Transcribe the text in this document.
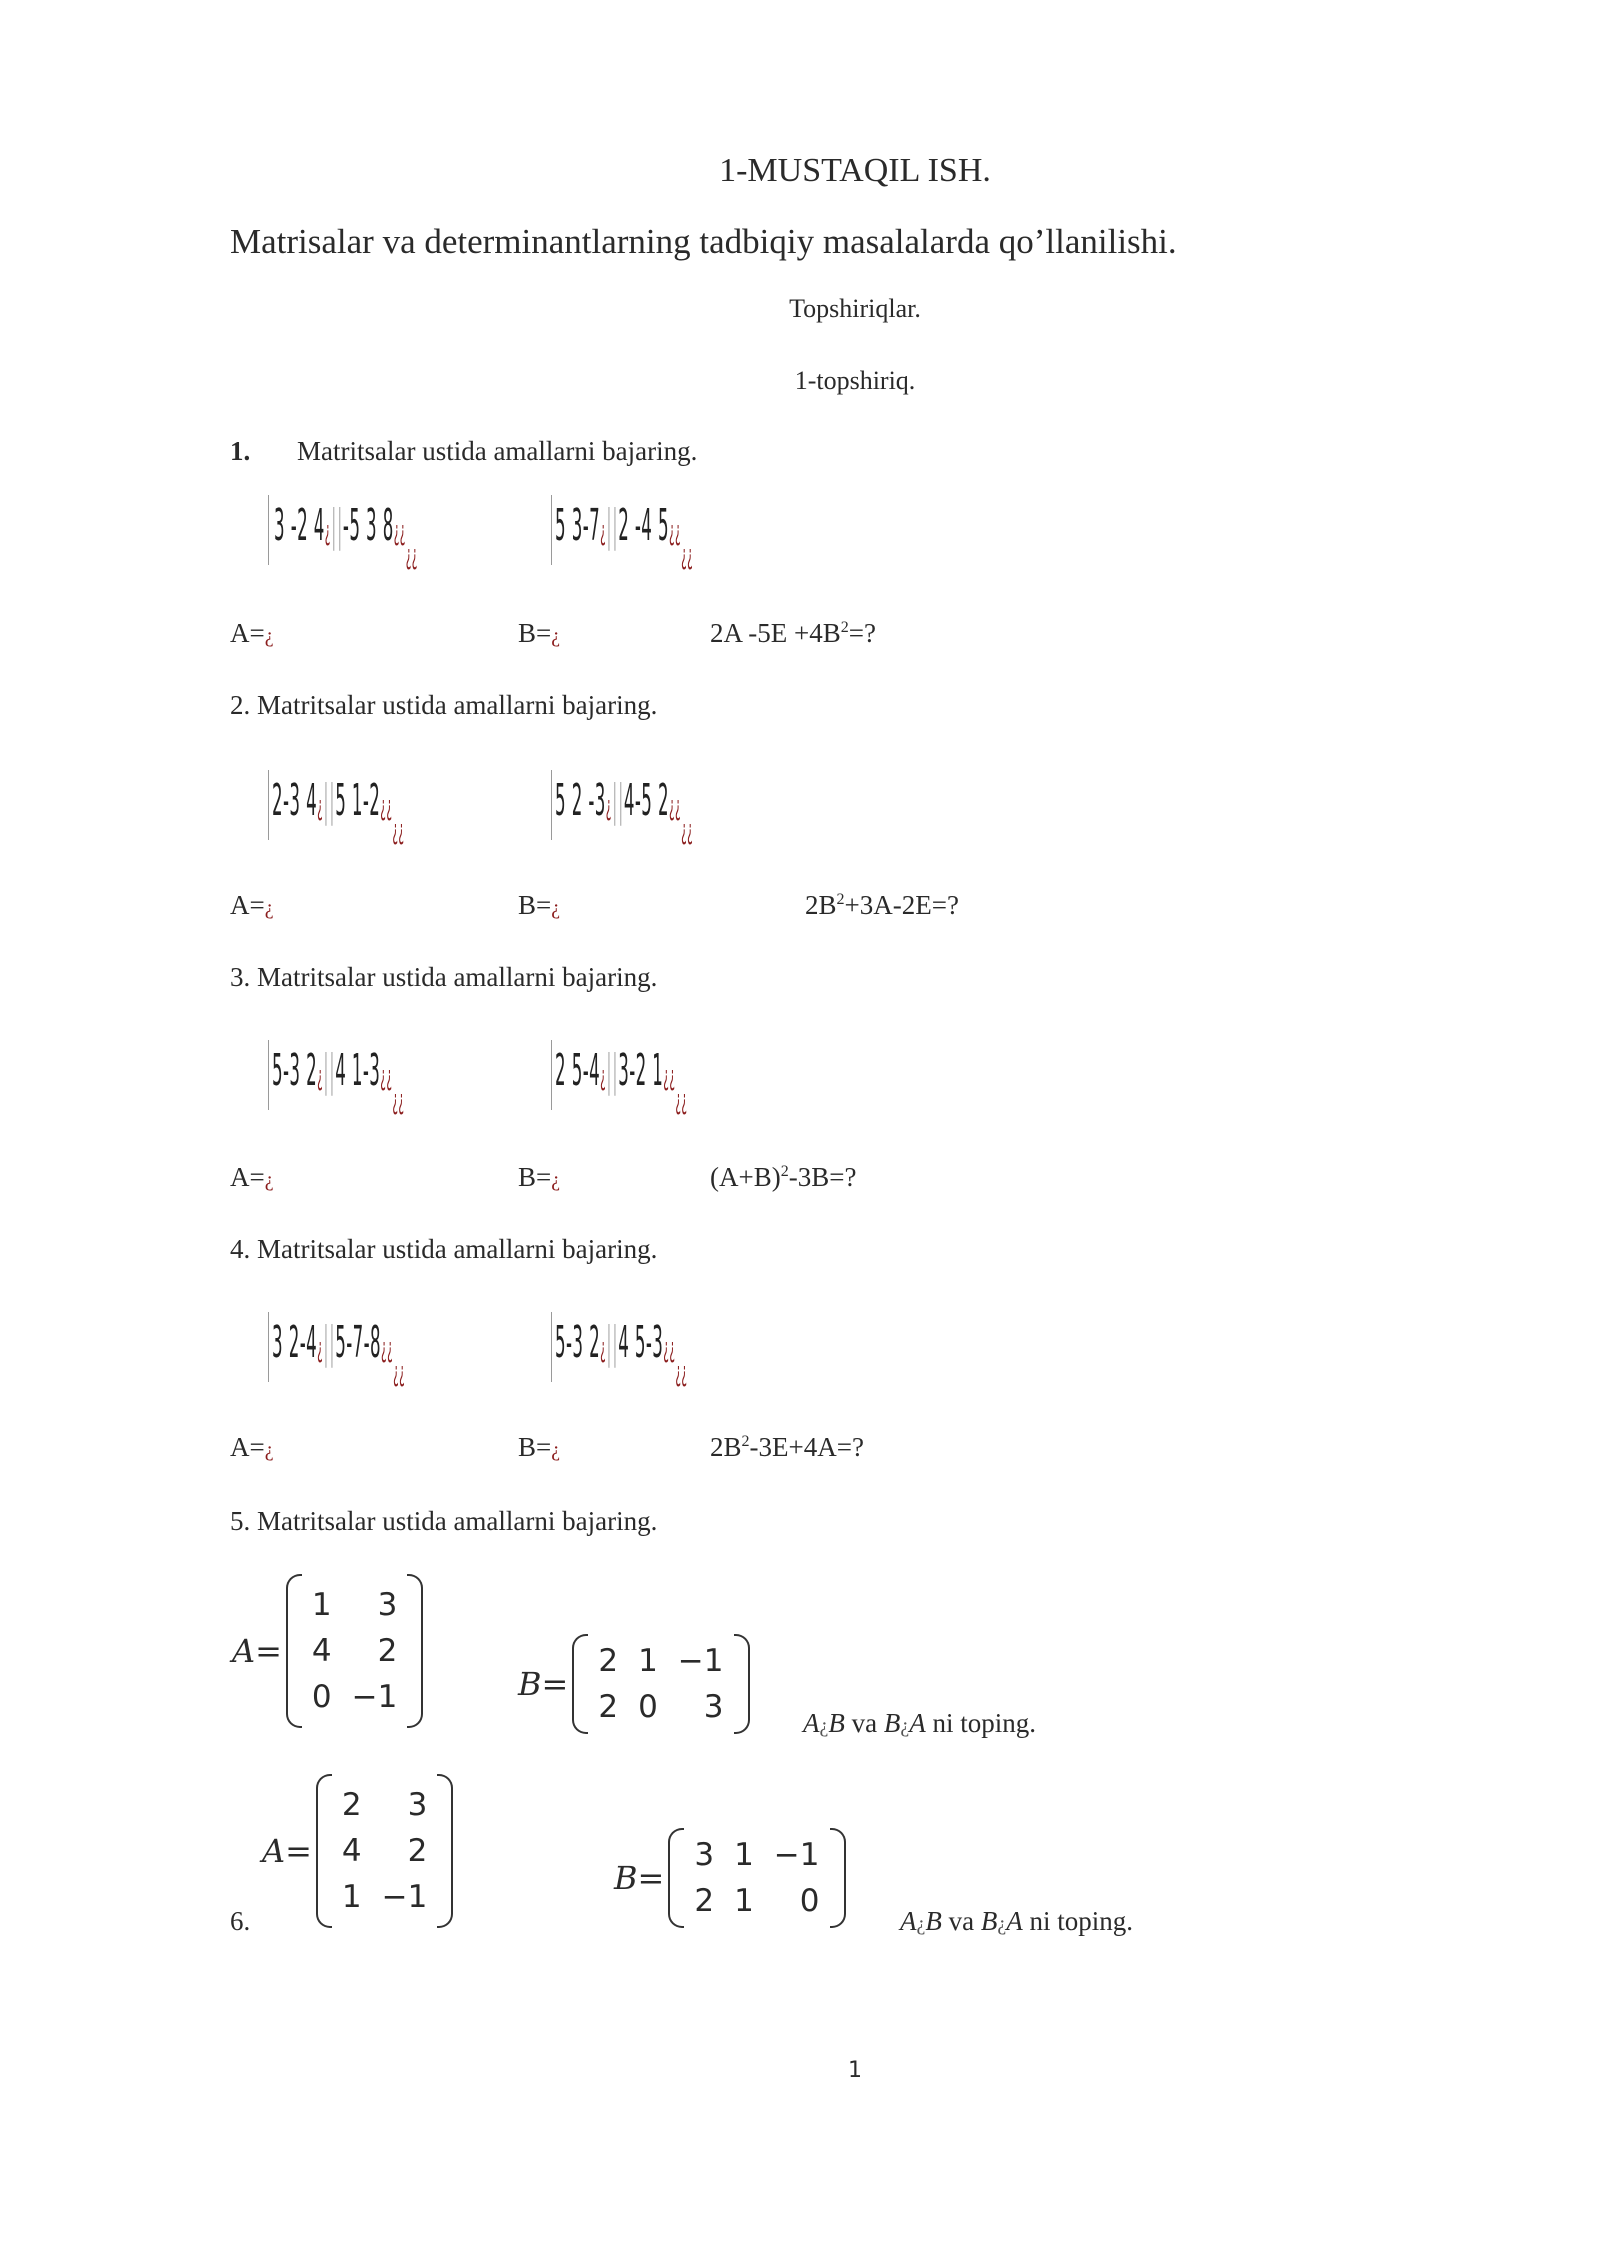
1-MUSTAQIL ISH.
Matrisalar va determinantlarning tadbiqiy masalalarda qo’llanilishi.
Topshiriqlar.
1-topshiriq.
1. Matritsalar ustida amallarni bajaring.
3 -2 4¿||-5 3 $8¿¿_{¿¿}$
5 3-7¿||2 -4 $5¿¿_{¿¿}$
A=¿	B=¿	2A $-5E +4B^2=$?
2. Matritsalar ustida amallarni bajaring.
2-3 4¿||5 $1-2¿¿_{¿¿}$
5 2 -3¿||4-5 $2¿¿_{¿¿}$
A=¿	B=¿	$2B^2+3A-2E=$?
3. Matritsalar ustida amallarni bajaring.
5-3 2¿||4 $1-3¿¿_{¿¿}$
2 5-4¿||3-2 $1¿¿_{¿¿}$
A=¿	B=¿	$(A+B)^2-3B=$?
4. Matritsalar ustida amallarni bajaring.
3 $2-4¿||5-7-8¿¿_{¿¿}$
5-3 2¿||4 $5-3¿¿_{¿¿}$
A=¿	B=¿	$2B^2-3E+4A=$?
5. Matritsalar ustida amallarni bajaring.
A=
1	3
4	2
0	−1	B=
2	1	−1
2	0	3	A¿B va B¿A ni toping.
6.
A=
2	3
4	2
1	−1	B=
3	1	−1
2	1	0
A¿B va B¿A ni toping.
1
